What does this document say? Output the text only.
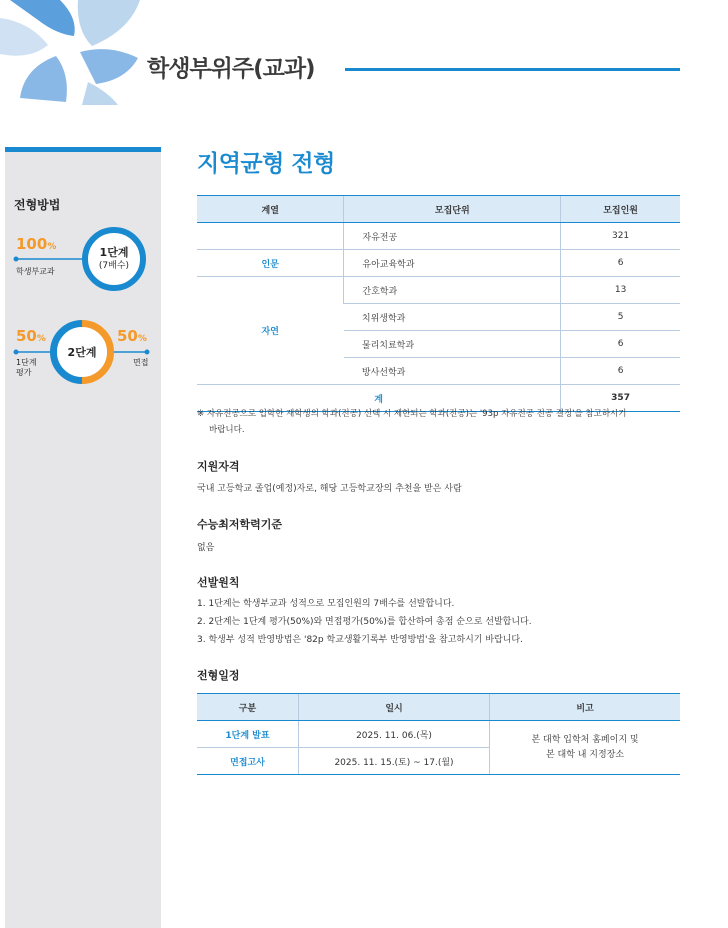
학생부위주(교과)
전형방법
100%
학생부교과
1단계
(7배수)
50%	50%
1단계
평가
면접
2단계
지역균형 전형
계열	모집단위	모집인원
	자유전공	321
인문	유아교육학과	6
자연	간호학과	13
	치위생학과	5
	물리치료학과	6
	방사선학과	6
계		357
※ 자유전공으로 입학한 재학생의 학과(전공) 선택 시 제한되는 학과(전공)는 '93p 자유전공 전공 결정'을 참고하시기
바랍니다.
지원자격
국내 고등학교 졸업(예정)자로, 해당 고등학교장의 추천을 받은 사람
수능최저학력기준
없음
선발원칙
1. 1단계는 학생부교과 성적으로 모집인원의 7배수를 선발합니다.
2. 2단계는 1단계 평가(50%)와 면접평가(50%)를 합산하여 총점 순으로 선발합니다.
3. 학생부 성적 반영방법은 '82p 학교생활기록부 반영방법'을 참고하시기 바랍니다.
전형일정
구분	일시	비고
1단계 발표	2025. 11. 06.(목)	본 대학 입학처 홈페이지 및
본 대학 내 지정장소

면접고사	2025. 11. 15.(토) ~ 17.(월)	
